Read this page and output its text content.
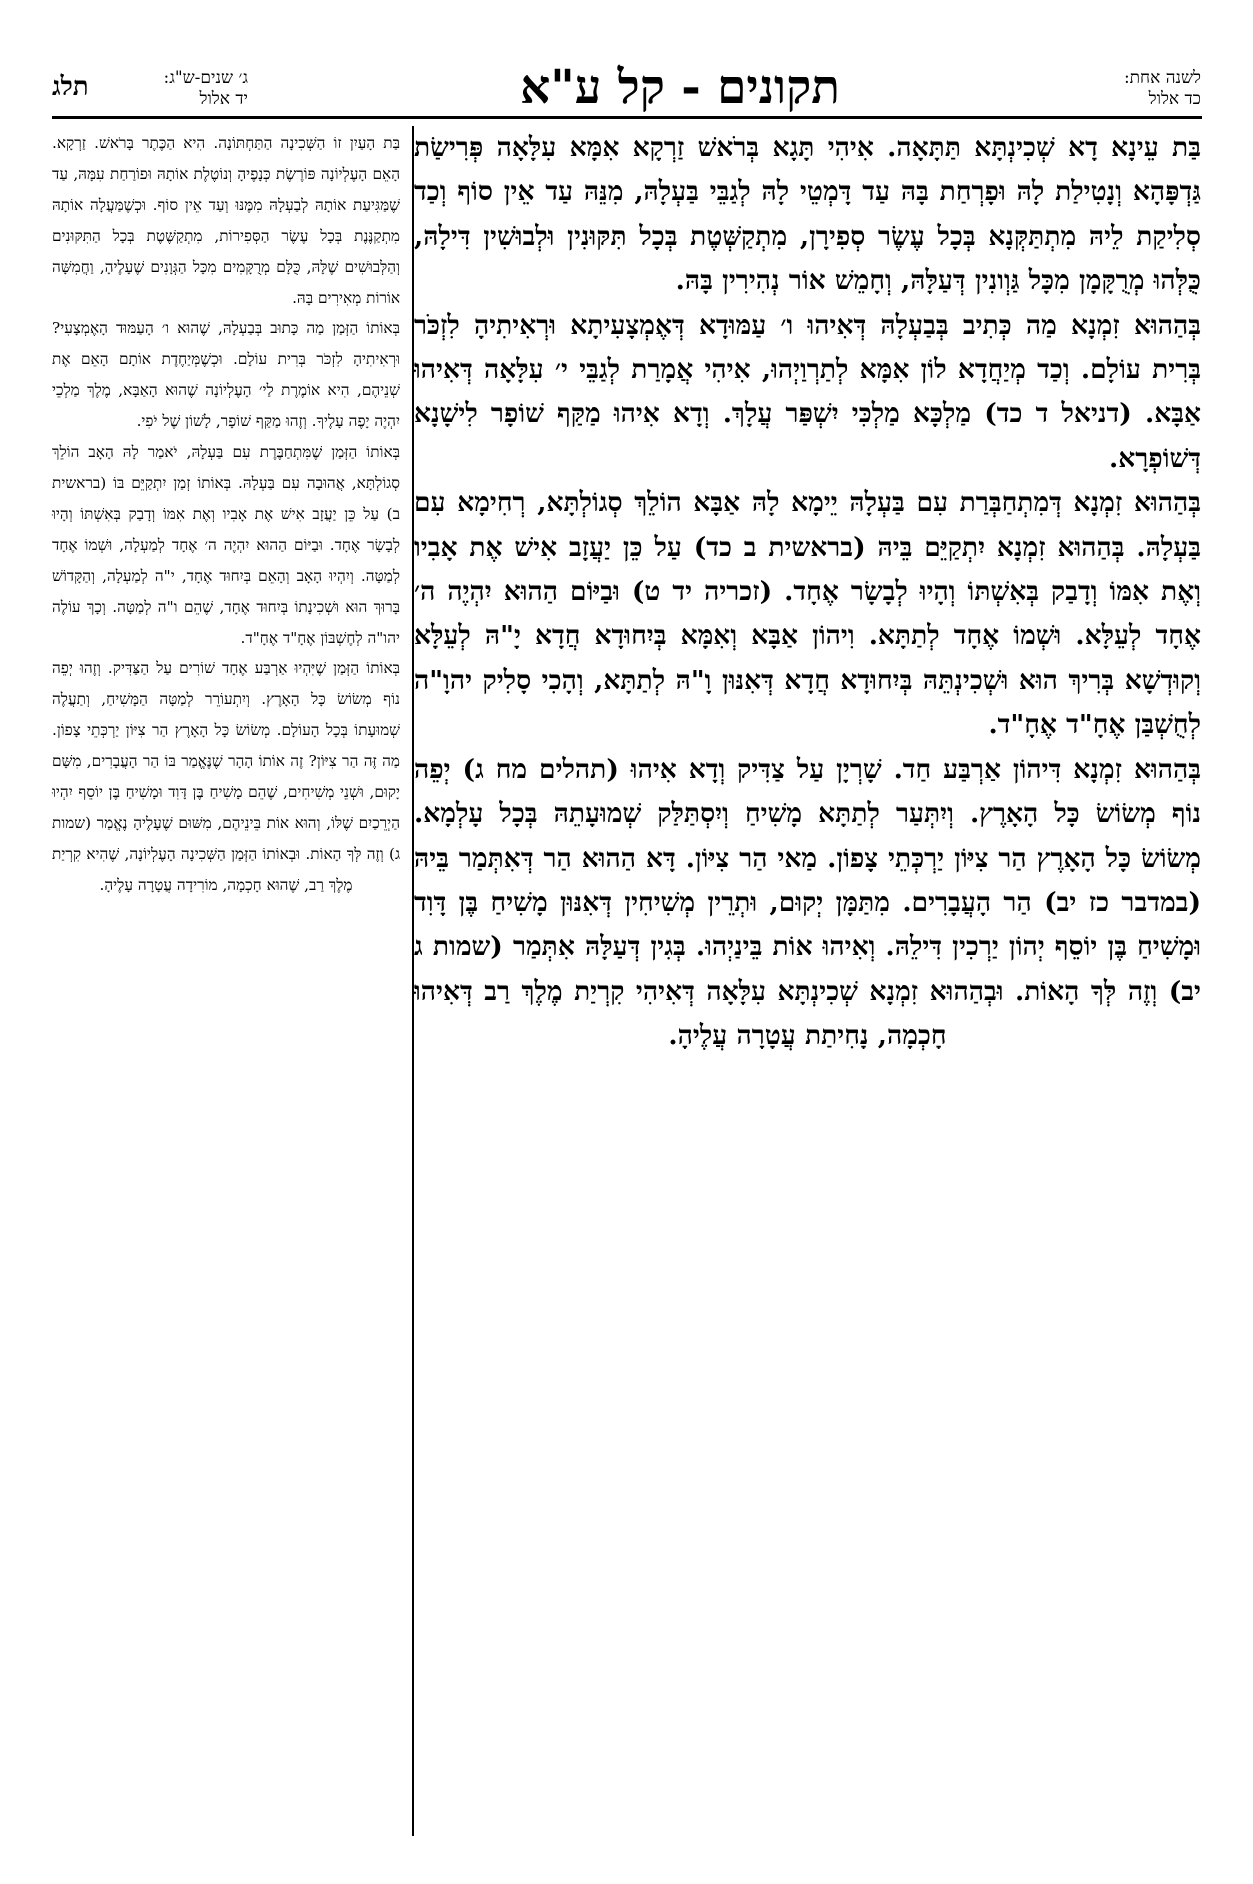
לשנה אחת:
כד אלול
תקונים - קל ע"א
ג׳ שנים-ש"ג:
יד אלול
תלג

בַּת עֵינָא דָא שְׁכִינְתָּא תַּתָּאָה. אִיהִי תָּגָא בְּרֹאשׁ זַרְקָא אִמָּא עִלָּאָה פְּרִישַׂת גַּדְפָּהָא וְנָטִילַת לָהּ וּפָרְחַת בָּהּ עַד דָּמְטֵי לָהּ לְגַבֵּי בַּעְלָהּ, מִנֵּהּ עַד אֵין סוֹף וְכַד סְלִיקַת לֵיהּ מִתְתַּקְּנָא בְּכָל עֶשֶׂר סְפִירָן, מִתְקַשְּׁטֶת בְּכָל תִּקּוּנִין וּלְבוּשִׁין דִּילָהּ, כֻּלְּהוּ מְרֻקָּמָן מִכָּל גַּוְונִין דְּעַלָּהּ, וְחָמֵשׁ אוֹר נְהִירִין בָּהּ.

בְּהַהוּא זִמְנָא מַה כְּתִיב בְּבַעְלָהּ דְּאִיהוּ ו׳ עַמּוּדָא דְּאֶמְצָעִיתָא וּרְאִיתִיהָ לִזְכֹּר בְּרִית עוֹלָם. וְכַד מְיַחֲדָא לוֹן אִמָּא לְתַרְוַיְהוּ, אִיהִי אֲמָרַת לְגַבֵּי י׳ עִלָּאָה דְּאִיהוּ אַבָּא. (דניאל ד כד) מַלְכָּא מַלְכִּי יִשְׁפַּר עֲלָךְ. וְדָא אִיהוּ מַקַּף שׁוֹפָר לִישָׁנָא דְּשׁוֹפְרָא.

בְּהַהוּא זִמְנָא דְּמִתְחַבְּרַת עִם בַּעְלָהּ יֵימָא לָהּ אַבָּא הוֹלֵךְ סְגוֹלְתָּא, רְחִימָא עִם בַּעְלָהּ. בְּהַהוּא זִמְנָא יִתְקַיֵּם בֵּיהּ (בראשית ב כד) עַל כֵּן יַעֲזָב אִישׁ אֶת אָבִיו וְאֶת אִמּוֹ וְדָבַק בְּאִשְׁתּוֹ וְהָיוּ לְבָשָׂר אֶחָד. (זכריה יד ט) וּבַיּוֹם הַהוּא יִהְיֶה ה׳ אֶחָד לְעֵלָּא. וּשְׁמוֹ אֶחָד לְתַתָּא. וִיהוֹן אַבָּא וְאִמָּא בְּיִחוּדָא חֲדָא יָ"הּ לְעֵלָּא וְקוּדְשָׁא בְּרִיךְ הוּא וּשְׁכִינְתֵּהּ בְּיִחוּדָא חֲדָא דְּאִנּוּן וָ"הּ לְתַתָּא, וְהָכִי סָלִיק יהוָ"ה לְחֻשְׁבַּן אֶחָ"ד אֶחָ"ד.

בְּהַהוּא זִמְנָא דִּיהוֹן אַרְבַּע חַד. שָׁרְיָן עַל צַדִּיק וְדָא אִיהוּ (תהלים מח ג) יְפֵה נוֹף מְשׂוֹשׂ כָּל הָאָרֶץ. וְיִתְּעַר לְתַתָּא מָשִׁיחַ וְיִסְתַּלַּק שְׁמוּעָתֵהּ בְּכָל עָלְמָא. מְשׂוֹשׂ כָּל הָאָרֶץ הַר צִיּוֹן יַרְכְּתֵי צָפוֹן. מַאי הַר צִיּוֹן. דָּא הַהוּא הַר דְּאִתְּמַר בֵּיהּ (במדבר כז יב) הַר הָעֲבָרִים. מִתַּמָּן יְקוּם, וּתְרֵין מְשִׁיחִין דְּאִנּוּן מָשִׁיחַ בֶּן דָּוִד וּמָשִׁיחַ בֶּן יוֹסֵף יְהוֹן יַרְכִין דִּילֵהּ. וְאִיהוּ אוֹת בֵּינַיְהוּ. בְּגִין דְּעַלָּהּ אִתְּמַר (שמות ג יב) וְזֶה לְּךָ הָאוֹת. וּבְהַהוּא זִמְנָא שְׁכִינְתָּא עִלָּאָה דְּאִיהִי קִרְיַת מֶלֶךְ רַב דְּאִיהוּ חָכְמָה, נָחִיתַת עֲטָרָה עֲלֶיהָ.

בַּת הָעַיִן זוֹ הַשְּׁכִינָה הַתַּחְתּוֹנָה. הִיא הַכֶּתֶר בָּרֹאשׁ. זַרְקָא. הָאֵם הָעֶלְיוֹנָה פּוֹרֶשֶׂת כְּנָפֶיהָ וְנוֹטֶלֶת אוֹתָהּ וּפוֹרַחַת עִמָּהּ, עַד שֶׁמַּגִּיעַת אוֹתָהּ לְבַעְלָהּ מִמֶּנּוּ וְעַד אֵין סוֹף. וּכְשֶׁמַּעֲלָה אוֹתָהּ מִתְקַנֶּנֶת בְּכָל עֶשֶׂר הַסְּפִירוֹת, מִתְקַשֶּׁטֶת בְּכָל הַתִּקּוּנִים וְהַלְּבוּשִׁים שֶׁלָּהּ, כֻּלָּם מְרֻקָּמִים מִכָּל הַגְּוָנִים שֶׁעָלֶיהָ, וַחֲמִשָּׁה אוֹרוֹת מְאִירִים בָּהּ.

בְּאוֹתוֹ הַזְּמַן מַה כָּתוּב בְּבַעְלָהּ, שֶׁהוּא ו׳ הָעַמּוּד הָאֶמְצָעִי? וּרְאִיתִיהָ לִזְכֹּר בְּרִית עוֹלָם. וּכְשֶׁמְּיַחֶדֶת אוֹתָם הָאֵם אֶת שְׁנֵיהֶם, הִיא אוֹמֶרֶת לַי׳ הָעֶלְיוֹנָה שֶׁהוּא הָאַבָּא, מֶלֶךְ מַלְכֵי יִהְיֶה יָפֶה עָלֶיךָ. וְזֶהוּ מַקַּף שׁוֹפָר, לָשׁוֹן שֶׁל יֹפִי.

בְּאוֹתוֹ הַזְּמַן שֶׁמִּתְחַבֶּרֶת עִם בַּעְלָהּ, יֹאמַר לָהּ הָאָב הוֹלֵךְ סְגוֹלְתָּא, אֲהוּבָה עִם בַּעְלָהּ. בְּאוֹתוֹ זְמַן יִתְקַיֵּם בּוֹ (בראשית ב) עַל כֵּן יַעֲזָב אִישׁ אֶת אָבִיו וְאֶת אִמּוֹ וְדָבַק בְּאִשְׁתּוֹ וְהָיוּ לְבָשָׂר אֶחָד. וּבַיּוֹם הַהוּא יִהְיֶה ה׳ אֶחָד לְמַעְלָה, וּשְׁמוֹ אֶחָד לְמַטָּה. וְיִהְיוּ הָאָב וְהָאֵם בְּיִחוּד אֶחָד, י"ה לְמַעְלָה, וְהַקָּדוֹשׁ בָּרוּךְ הוּא וּשְׁכִינָתוֹ בְּיִחוּד אֶחָד, שֶׁהֵם ו"ה לְמַטָּה. וְכָךְ עוֹלֶה יהו"ה לְחֶשְׁבּוֹן אֶחָ"ד אֶחָ"ד.

בְּאוֹתוֹ הַזְּמַן שֶׁיִּהְיוּ אַרְבַּע אֶחָד שׁוֹרִים עַל הַצַּדִּיק. וְזֶהוּ יְפֵה נוֹף מְשׂוֹשׂ כָּל הָאָרֶץ. וְיִתְעוֹרֵר לְמַטָּה הַמָּשִׁיחַ, וְתַעֲלֶה שְׁמוּעָתוֹ בְּכָל הָעוֹלָם. מְשׂוֹשׂ כָּל הָאָרֶץ הַר צִיּוֹן יַרְכְּתֵי צָפוֹן. מַה זֶּה הַר צִיּוֹן? זֶה אוֹתוֹ הָהָר שֶׁנֶּאֱמַר בּוֹ הַר הָעֲבָרִים, מִשָּׁם יָקוּם, וּשְׁנֵי מְשִׁיחִים, שֶׁהֵם מָשִׁיחַ בֶּן דָּוִד וּמָשִׁיחַ בֶּן יוֹסֵף יִהְיוּ הַיְרֵכַיִם שֶׁלּוֹ, וְהוּא אוֹת בֵּינֵיהֶם, מִשּׁוּם שֶׁעָלֶיהָ נֶאֱמַר (שמות ג) וְזֶה לְּךָ הָאוֹת. וּבְאוֹתוֹ הַזְּמַן הַשְּׁכִינָה הָעֶלְיוֹנָה, שֶׁהִיא קִרְיַת מֶלֶךְ רַב, שֶׁהוּא חָכְמָה, מוֹרִידָה עֲטָרָה עָלֶיהָ.
